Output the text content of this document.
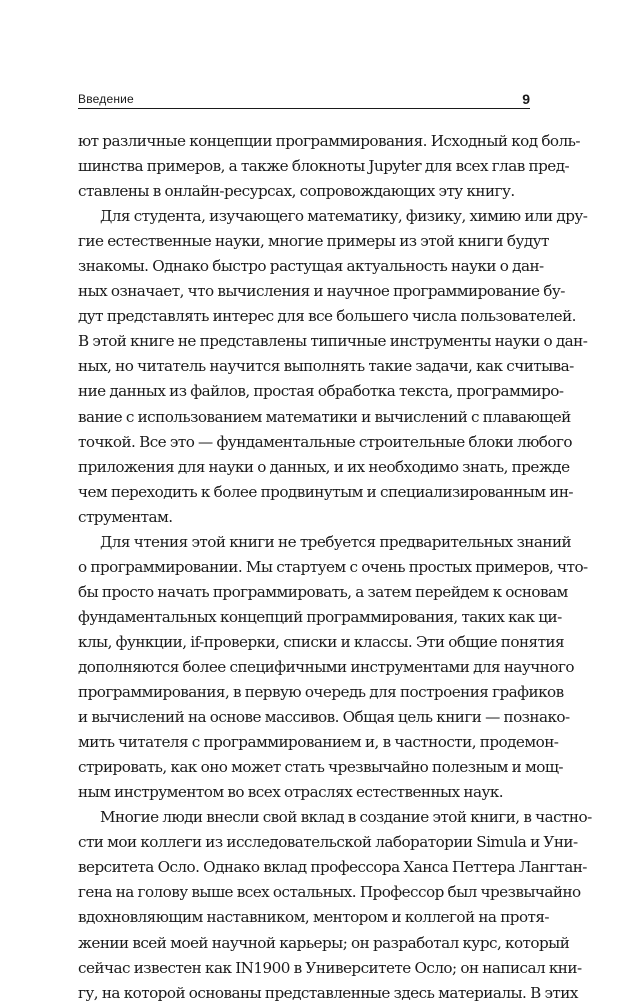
Введение	9
ют различные концепции программирования. Исходный код боль-
шинства примеров, а также блокноты Jupyter для всех глав пред-
ставлены в онлайн-ресурсах, сопровождающих эту книгу.
Для студента, изучающего математику, физику, химию или дру-
гие естественные науки, многие примеры из этой книги будут
знакомы. Однако быстро растущая актуальность науки о дан-
ных означает, что вычисления и научное программирование бу-
дут представлять интерес для все большего числа пользователей.
В этой книге не представлены типичные инструменты науки о дан-
ных, но читатель научится выполнять такие задачи, как считыва-
ние данных из файлов, простая обработка текста, программиро-
вание с использованием математики и вычислений с плавающей
точкой. Все это — фундаментальные строительные блоки любого
приложения для науки о данных, и их необходимо знать, прежде
чем переходить к более продвинутым и специализированным ин-
струментам.
Для чтения этой книги не требуется предварительных знаний
о программировании. Мы стартуем с очень простых примеров, что-
бы просто начать программировать, а затем перейдем к основам
фундаментальных концепций программирования, таких как ци-
клы, функции, if-проверки, списки и классы. Эти общие понятия
дополняются более специфичными инструментами для научного
программирования, в первую очередь для построения графиков
и вычислений на основе массивов. Общая цель книги — познако-
мить читателя с программированием и, в частности, продемон-
стрировать, как оно может стать чрезвычайно полезным и мощ-
ным инструментом во всех отраслях естественных наук.
Многие люди внесли свой вклад в создание этой книги, в частно-
сти мои коллеги из исследовательской лаборатории Simula и Уни-
верситета Осло. Однако вклад профессора Ханса Петтера Лангтан-
гена на голову выше всех остальных. Профессор был чрезвычайно
вдохновляющим наставником, ментором и коллегой на протя-
жении всей моей научной карьеры; он разработал курс, который
сейчас известен как IN1900 в Университете Осло; он написал кни-
гу, на которой основаны представленные здесь материалы. В этих
